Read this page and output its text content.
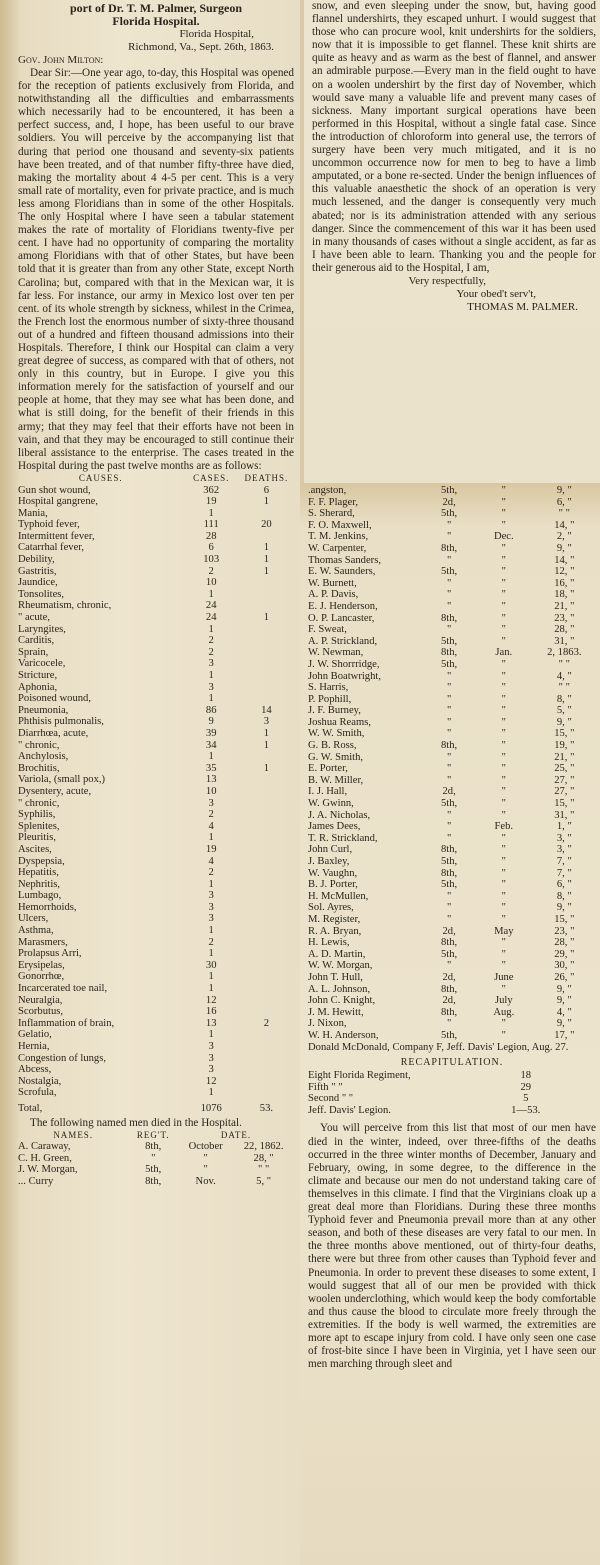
port of Dr. T. M. Palmer, Surgeon
Florida Hospital.
Florida Hospital,
Richmond, Va., Sept. 26th, 1863.
Gov. John Milton:

Dear Sir:—One year ago, to-day, this Hospital was opened for the reception of patients exclusively from Florida, and notwithstanding all the difficulties and embarrassments which necessarily had to be encountered, it has been a perfect success, and, I hope, has been useful to our brave soldiers. You will perceive by the accompanying list that during that period one thousand and seventy-six patients have been treated, and of that number fifty-three have died, making the mortality about 4 4-5 per cent. This is a very small rate of mortality, even for private practice, and is much less among Floridians than in some of the other Hospitals. The only Hospital where I have seen a tabular statement makes the rate of mortality of Floridians twenty-five per cent. I have had no opportunity of comparing the mortality among Floridians with that of other States, but have been told that it is greater than from any other State, except North Carolina; but, compared with that in the Mexican war, it is far less. For instance, our army in Mexico lost over ten per cent. of its whole strength by sickness, whilest in the Crimea, the French lost the enormous number of sixty-three thousand out of a hundred and fifteen thousand admissions into their Hospitals. Therefore, I think our Hospital can claim a very great degree of success, as compared with that of others, not only in this country, but in Europe. I give you this information merely for the satisfaction of yourself and our people at home, that they may see what has been done, and what is still doing, for the benefit of their friends in this army; that they may feel that their efforts have not been in vain, and that they may be encouraged to still continue their liberal assistance to the enterprise. The cases treated in the Hospital during the past twelve months are as follows:

CAUSES.	CASES.	DEATHS.
Gun shot wound,	362	6
Hospital gangrene,	19	1
Mania,	1	
Typhoid fever,	111	20
Intermittent fever,	28	
Catarrhal fever,	6	1
Debility,	103	1
Gastritis,	2	1
Jaundice,	10	
Tonsolites,	1	
Rheumatism, chronic,	24	
" acute,	24	1
Laryngites,	1	
Carditis,	2	
Sprain,	2	
Varicocele,	3	
Stricture,	1	
Aphonia,	3	
Poisoned wound,	1	
Pneumonia,	86	14
Phthisis pulmonalis,	9	3
Diarrhœa, acute,	39	1
" chronic,	34	1
Anchylosis,	1	
Brochitis,	35	1
Variola, (small pox,)	13	
Dysentery, acute,	10	
" chronic,	3	
Syphilis,	2	
Splenites,	4	
Pleuritis,	1	
Ascites,	19	
Dyspepsia,	4	
Hepatitis,	2	
Nephritis,	1	
Lumbago,	3	
Hemorrhoids,	3	
Ulcers,	3	
Asthma,	1	
Marasmers,	2	
Prolapsus Arri,	1	
Erysipelas,	30	
Gonorrhœ,	1	
Incarcerated toe nail,	1	
Neuralgia,	12	
Scorbutus,	16	
Inflammation of brain,	13	2
Gelatio,	1	
Hernia,	3	
Congestion of lungs,	3	
Abcess,	3	
Nostalgia,	12	
Scrofula,	1	
Total,	1076	53.

The following named men died in the Hospital.

NAMES.	REG'T.	DATE.	
A. Caraway,	8th,	October	22, 1862.
C. H. Green,	"	"	28, "
J. W. Morgan,	5th,	"	" "
... Curry	8th,	Nov.	5, "

snow, and even sleeping under the snow, but, having good flannel undershirts, they escaped unhurt. I would suggest that those who can procure wool, knit undershirts for the soldiers, now that it is impossible to get flannel. These knit shirts are quite as heavy and as warm as the best of flannel, and answer an admirable purpose.—Every man in the field ought to have on a woolen undershirt by the first day of November, which would save many a valuable life and prevent many cases of sickness. Many important surgical operations have been performed in this Hospital, without a single fatal case. Since the introduction of chloroform into general use, the terrors of surgery have been very much mitigated, and it is no uncommon occurrence now for men to beg to have a limb amputated, or a bone re-sected. Under the benign influences of this valuable anaesthetic the shock of an operation is very much lessened, and the danger is consequently very much abated; nor is its administration attended with any serious danger. Since the commencement of this war it has been used in many thousands of cases without a single accident, as far as I have been able to learn. Thanking you and the people for their generous aid to the Hospital, I am,

Very respectfully,
Your obed't serv't,
THOMAS M. PALMER.
.angston,	5th,	"	9, "
F. F. Plager,	2d,	"	6, "
S. Sherard,	5th,	"	" "
F. O. Maxwell,	"	"	14, "
T. M. Jenkins,	"	Dec.	2, "
W. Carpenter,	8th,	"	9, "
Thomas Sanders,	"	"	14, "
E. W. Saunders,	5th,	"	12, "
W. Burnett,	"	"	16, "
A. P. Davis,	"	"	18, "
E. J. Henderson,	"	"	21, "
O. P. Lancaster,	8th,	"	23, "
F. Sweat,	"	"	28, "
A. P. Strickland,	5th,	"	31, "
W. Newman,	8th,	Jan.	2, 1863.
J. W. Shorrridge,	5th,	"	" "
John Boatwright,	"	"	4, "
S. Harris,	"	"	" "
P. Pophill,	"	"	8, "
J. F. Burney,	"	"	5, "
Joshua Reams,	"	"	9, "
W. W. Smith,	"	"	15, "
G. B. Ross,	8th,	"	19, "
G. W. Smith,	"	"	21, "
E. Porter,	"	"	25, "
B. W. Miller,	"	"	27, "
I. J. Hall,	2d,	"	27, "
W. Gwinn,	5th,	"	15, "
J. A. Nicholas,	"	"	31, "
James Dees,	"	Feb.	1, "
T. R. Strickland,	"	"	3, "
John Curl,	8th,	"	3, "
J. Baxley,	5th,	"	7, "
W. Vaughn,	8th,	"	7, "
B. J. Porter,	5th,	"	6, "
H. McMullen,	"	"	8, "
Sol. Ayres,	"	"	9, "
M. Register,	"	"	15, "
R. A. Bryan,	2d,	May	23, "
H. Lewis,	8th,	"	28, "
A. D. Martin,	5th,	"	29, "
W. W. Morgan,	"	"	30, "
John T. Hull,	2d,	June	26, "
A. L. Johnson,	8th,	"	9, "
John C. Knight,	2d,	July	9, "
J. M. Hewitt,	8th,	Aug.	4, "
J. Nixon,	"	"	9, "
W. H. Anderson,	5th,	"	17, "

Donald McDonald, Company F, Jeff. Davis' Legion, Aug. 27.

RECAPITULATION.
Eight Florida Regiment,	18
Fifth " "	29
Second " "	5
Jeff. Davis' Legion.	1—53.

You will perceive from this list that most of our men have died in the winter, indeed, over three-fifths of the deaths occurred in the three winter months of December, January and February, owing, in some degree, to the difference in the climate and because our men do not understand taking care of themselves in this climate. I find that the Virginians cloak up a great deal more than Floridians. During these three months Typhoid fever and Pneumonia prevail more than at any other season, and both of these diseases are very fatal to our men. In the three months above mentioned, out of thirty-four deaths, there were but three from other causes than Typhoid fever and Pneumonia. In order to prevent these diseases to some extent, I would suggest that all of our men be provided with thick woolen underclothing, which would keep the body comfortable and thus cause the blood to circulate more freely through the extremities. If the body is well warmed, the extremities are more apt to escape injury from cold. I have only seen one case of frost-bite since I have been in Virginia, yet I have seen our men marching through sleet and
